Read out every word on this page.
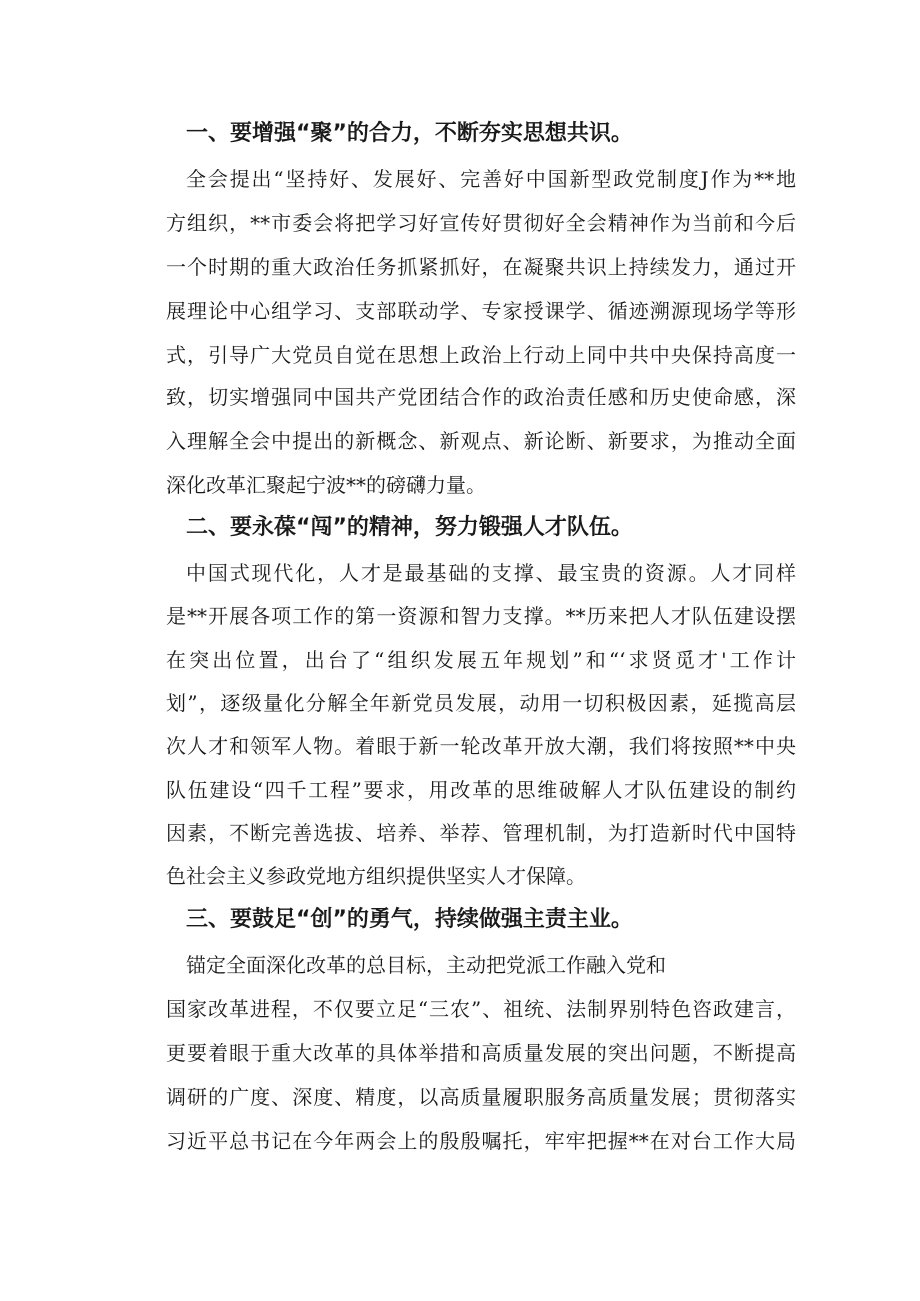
一、要增强“聚”的合力，不断夯实思想共识。
全会提出“坚持好、发展好、完善好中国新型政党制度J作为**地
方组织，**市委会将把学习好宣传好贯彻好全会精神作为当前和今后
一个时期的重大政治任务抓紧抓好，在凝聚共识上持续发力，通过开
展理论中心组学习、支部联动学、专家授课学、循迹溯源现场学等形
式，引导广大党员自觉在思想上政治上行动上同中共中央保持高度一
致，切实增强同中国共产党团结合作的政治责任感和历史使命感，深
入理解全会中提出的新概念、新观点、新论断、新要求，为推动全面
深化改革汇聚起宁波**的磅礴力量。
二、要永葆“闯”的精神，努力锻强人才队伍。
中国式现代化，人才是最基础的支撑、最宝贵的资源。人才同样
是**开展各项工作的第一资源和智力支撑。**历来把人才队伍建设摆
在突出位置，出台了“组织发展五年规划”和“‘求贤觅才'工作计
划”，逐级量化分解全年新党员发展，动用一切积极因素，延揽高层
次人才和领军人物。着眼于新一轮改革开放大潮，我们将按照**中央
队伍建设“四千工程”要求，用改革的思维破解人才队伍建设的制约
因素，不断完善选拔、培养、举荐、管理机制，为打造新时代中国特
色社会主义参政党地方组织提供坚实人才保障。
三、要鼓足“创”的勇气，持续做强主责主业。
锚定全面深化改革的总目标，主动把党派工作融入党和
国家改革进程，不仅要立足“三农”、祖统、法制界别特色咨政建言，
更要着眼于重大改革的具体举措和高质量发展的突出问题，不断提高
调研的广度、深度、精度，以高质量履职服务高质量发展；贯彻落实
习近平总书记在今年两会上的殷殷嘱托，牢牢把握**在对台工作大局
